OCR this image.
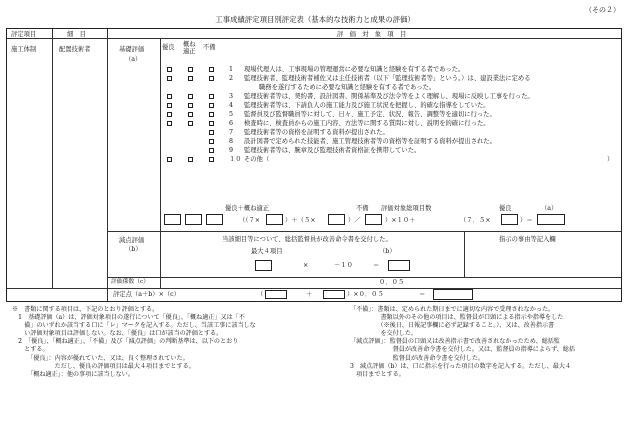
（その２）
工事成績評定項目別評定表（基本的な技術力と成果の評価）
評定項目	細　目	評　価　対　象　項　目
施工体制	配置技術者	基礎評価
（a）
優良 概ね適正
不備
1 現場代理人は、工事現場の管理運営に必要な知識と経験を有する者であった。
2 監理技術者、監理技術者補佐又は主任技術者（以下「監理技術者等」という。）は、建設業法に定める
職務を遂行するために必要な知識と経験を有する者であった。
3 監理技術者等は、契約書、設計図書、関係基準及び法令等をよく理解し、現場に反映し工事を行った。
4 監理技術者等は、下請負人の施工能力及び施工状況を把握し、的確な指導をしていた。
5 監督員及び監督職員等に対して、日々、施工予定、状況、報告、調整等を適切に行った。
6 検査時に、検査員からの施工内容、方法等に関する質問に対し、説明を的確に行った。
7 監理技術者等の資格を証明する資料が提出された。
8 設計図書で定められた技能者、施工管理技術者等の資格等を証明する資料が提出された。
9 監理技術者等は、腕章及び監理技術者資格証を携帯していた。
１０ その他（	）
優良＋概ね適正	不備 評価対象総項目数	優良	（a）
（（７×	）＋（５×	）／	）×１０＋	（７．５×	）＝
減点評価
（b）
当該細目等について、総括監督員が改善命令書を交付した。
最大４項目	（b）
×	－１０	＝
指示の事由等記入欄
評価係数（c）	０．０５
評定点（a＋b）×（c）	（	＋	）×０．０５	＝
※　書類に関する項目は、下記のとおり評価とする。
　1　基礎評価（a）は、評価対象項目の遂行について「優良」、「概ね適正」又は「不
　　備」のいずれか該当する口に「レ」マークを記入する。ただし、当該工事に該当しな
　　い評価対象項目は評価しない。なお、「優良」は口が該当の評価とする。
　2　「優良」、「概ね適正」、「不備」及び「減点評価」の判断基準は、以下のとおり
　　とする。
　　　「優良」：内容が優れていた、又は、良く整理されていた。
　　　　　　　ただし、優良の評価項目は最大４項目までとする。
　　　「概ね適正」：他の事項に該当しない。
「不備」：書類は、定められた期日までに適切な内容で受理されなかった。
　　　　　書類以外のその他の項目は、監督員が口頭による指示や指導をした
　　　　　（※後日、日報記事欄に必ず記録すること。）、又は、改善指示書
　　　　　を交付した。
「減点評価」：監督員の口頭又は改善指示書で改善されなかったため、総括監
　　　　　　　督員が改善命令書を交付した。又は、監督員の指導によらず、総括
　　　　　　　監督員が改善命令書を交付した。
3　減点評価（b）は、口に指示を行った項目の数字を記入する。ただし、最大４
　項目までとする。
